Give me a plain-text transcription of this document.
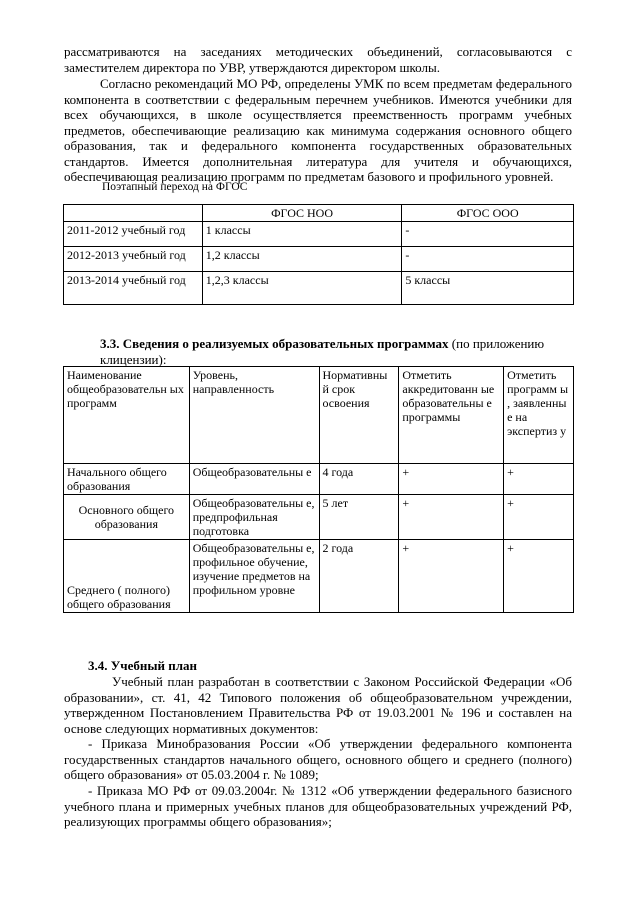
рассматриваются на заседаниях методических объединений, согласовываются с

заместителем директора по УВР, утверждаются директором школы.

Согласно рекомендаций МО РФ, определены УМК по всем предметам федерального компонента в соответствии с федеральным перечнем учебников. Имеются учебники для всех обучающихся, в школе осуществляется преемственность программ учебных предметов, обеспечивающие реализацию как минимума содержания основного общего образования, так и федерального компонента государственных образовательных стандартов. Имеется дополнительная литература для учителя и обучающихся, обеспечивающая реализацию программ по предметам базового и профильного уровней.

Поэтапный переход на ФГОС
	ФГОС НОО	ФГОС ООО
2011-2012 учебный год	1 классы	-
2012-2013 учебный год	1,2 классы	-
2013-2014 учебный год	1,2,3 классы	5 классы

3.3. Сведения о реализуемых образовательных программах (по приложению клицензии):

Наименование общеобразовательн ых программ	Уровень, направленность	Нормативны й срок освоения	Отметить аккредитованн ые образовательны е программы	Отметить программ ы , заявленны е на экспертиз у
Начального общего образования	Общеобразовательны е	4 года	+	+
Основного общего образования	Общеобразовательны е, предпрофильная подготовка	5 лет	+	+
Среднего ( полного) общего образования	Общеобразовательны е, профильное обучение, изучение предметов на профильном уровне	2 года	+	+

3.4. Учебный план

Учебный план разработан в соответствии с Законом Российской Федерации «Об образовании», ст. 41, 42 Типового положения об общеобразовательном учреждении, утвержденном Постановлением Правительства РФ от 19.03.2001 № 196 и составлен на основе следующих нормативных документов:

- Приказа Минобразования России «Об утверждении федерального компонента государственных стандартов начального общего, основного общего и среднего (полного) общего образования» от 05.03.2004 г. № 1089;

- Приказа МО РФ от 09.03.2004г. № 1312 «Об утверждении федерального базисного учебного плана и примерных учебных планов для общеобразовательных учреждений РФ, реализующих программы общего образования»;
